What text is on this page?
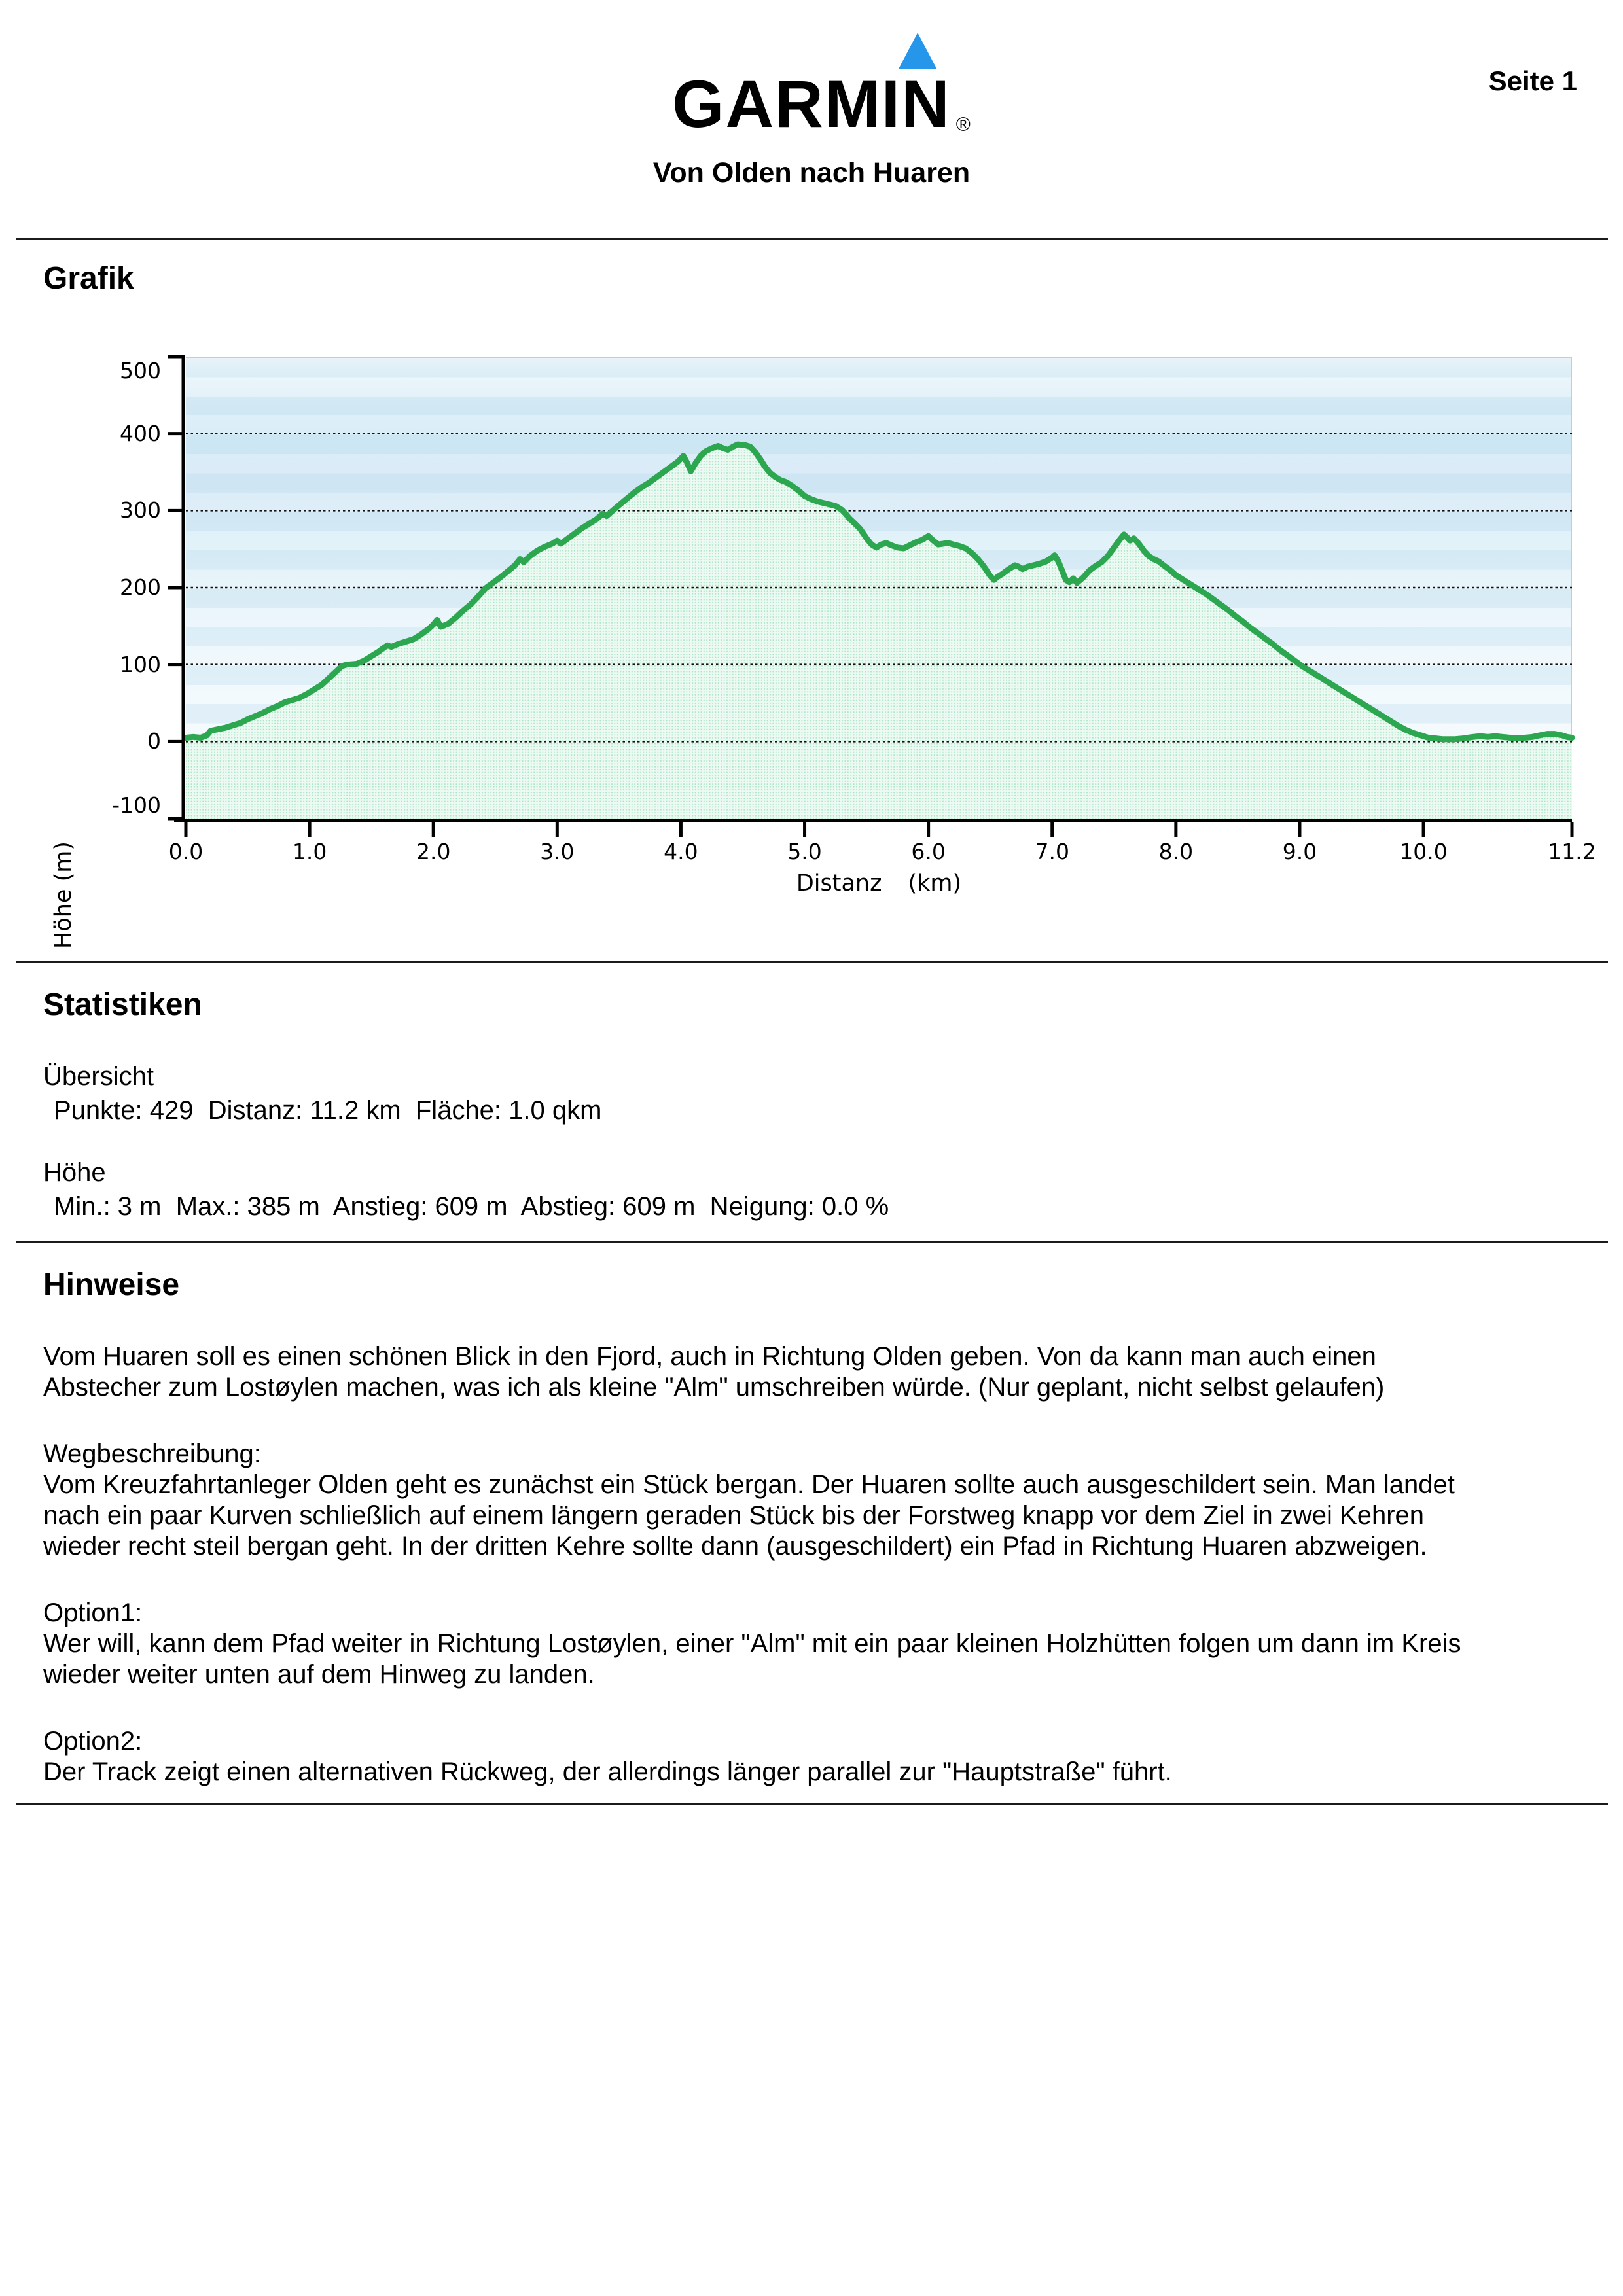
GARMIN ®
Seite 1
Von Olden nach Huaren
Grafik
Höhe (m)	Distanz (km)
-100
0
100
200
300
400
500
0.0	1.0	2.0	3.0	4.0	5.0	6.0	7.0	8.0	9.0	10.0	11.2
Statistiken
Übersicht
Punkte: 429  Distanz: 11.2 km  Fläche: 1.0 qkm
Höhe
Min.: 3 m  Max.: 385 m  Anstieg: 609 m  Abstieg: 609 m  Neigung: 0.0 %
Hinweise
Vom Huaren soll es einen schönen Blick in den Fjord, auch in Richtung Olden geben. Von da kann man auch einen
Abstecher zum Lostøylen machen, was ich als kleine "Alm" umschreiben würde. (Nur geplant, nicht selbst gelaufen)
Wegbeschreibung:
Vom Kreuzfahrtanleger Olden geht es zunächst ein Stück bergan. Der Huaren sollte auch ausgeschildert sein. Man landet
nach ein paar Kurven schließlich auf einem längern geraden Stück bis der Forstweg knapp vor dem Ziel in zwei Kehren
wieder recht steil bergan geht. In der dritten Kehre sollte dann (ausgeschildert) ein Pfad in Richtung Huaren abzweigen.
Option1:
Wer will, kann dem Pfad weiter in Richtung Lostøylen, einer "Alm" mit ein paar kleinen Holzhütten folgen um dann im Kreis
wieder weiter unten auf dem Hinweg zu landen.
Option2:
Der Track zeigt einen alternativen Rückweg, der allerdings länger parallel zur "Hauptstraße" führt.
